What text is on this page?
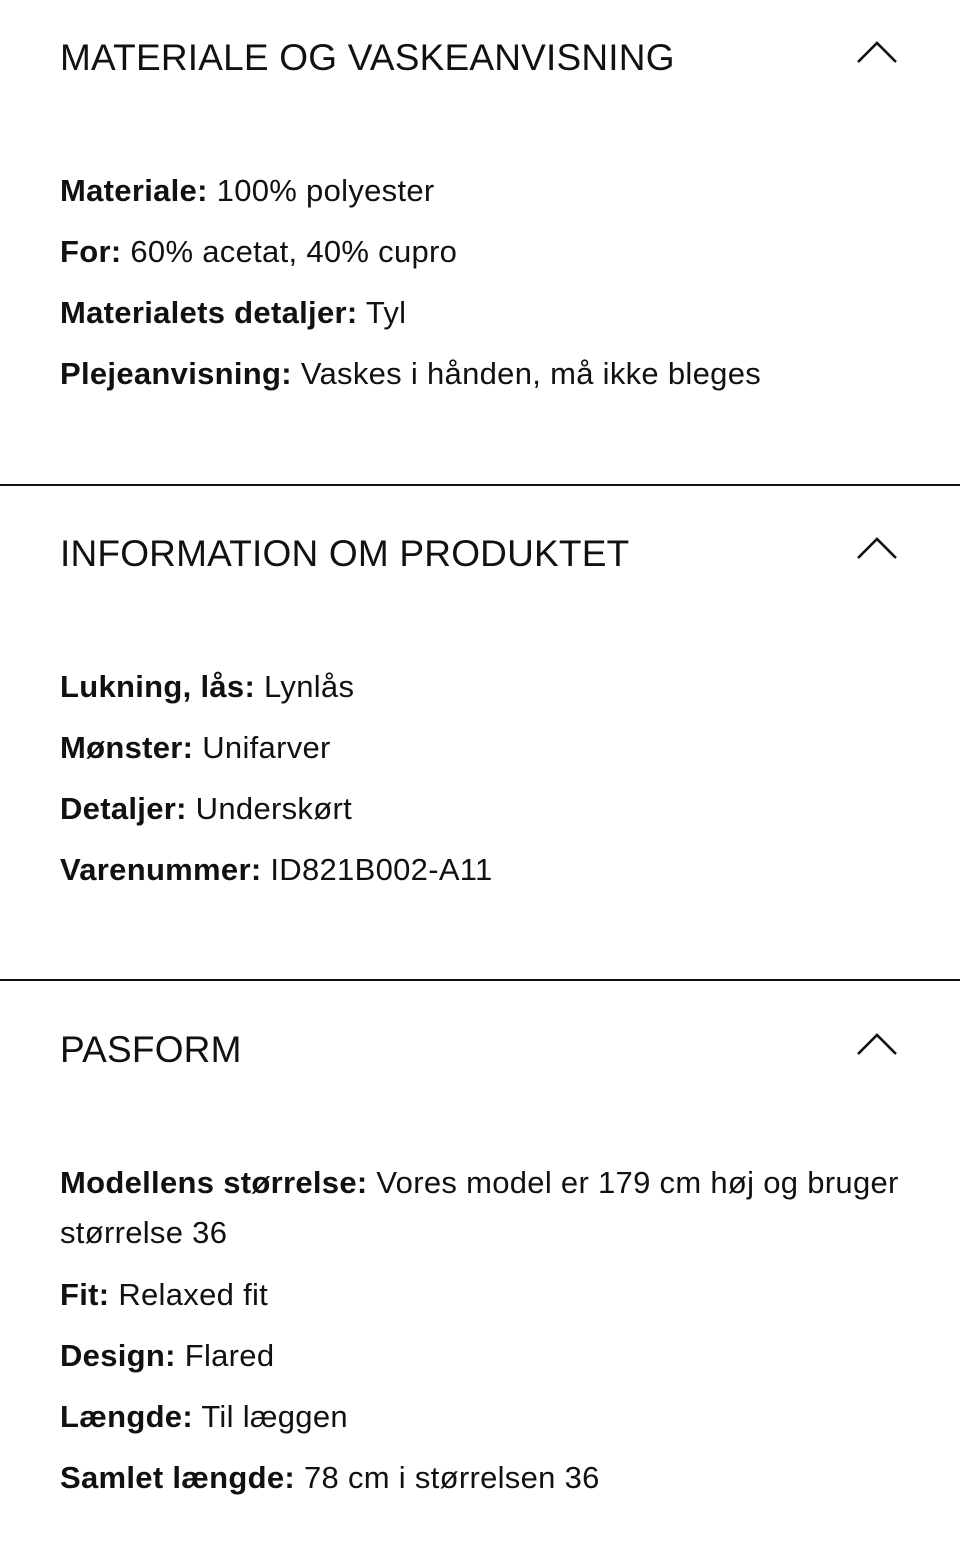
MATERIALE OG VASKEANVISNING
Materiale: 100% polyester
For: 60% acetat, 40% cupro
Materialets detaljer: Tyl
Plejeanvisning: Vaskes i hånden, må ikke bleges
INFORMATION OM PRODUKTET
Lukning, lås: Lynlås
Mønster: Unifarver
Detaljer: Underskørt
Varenummer: ID821B002-A11
PASFORM
Modellens størrelse: Vores model er 179 cm høj og bruger størrelse 36
Fit: Relaxed fit
Design: Flared
Længde: Til læggen
Samlet længde: 78 cm i størrelsen 36
